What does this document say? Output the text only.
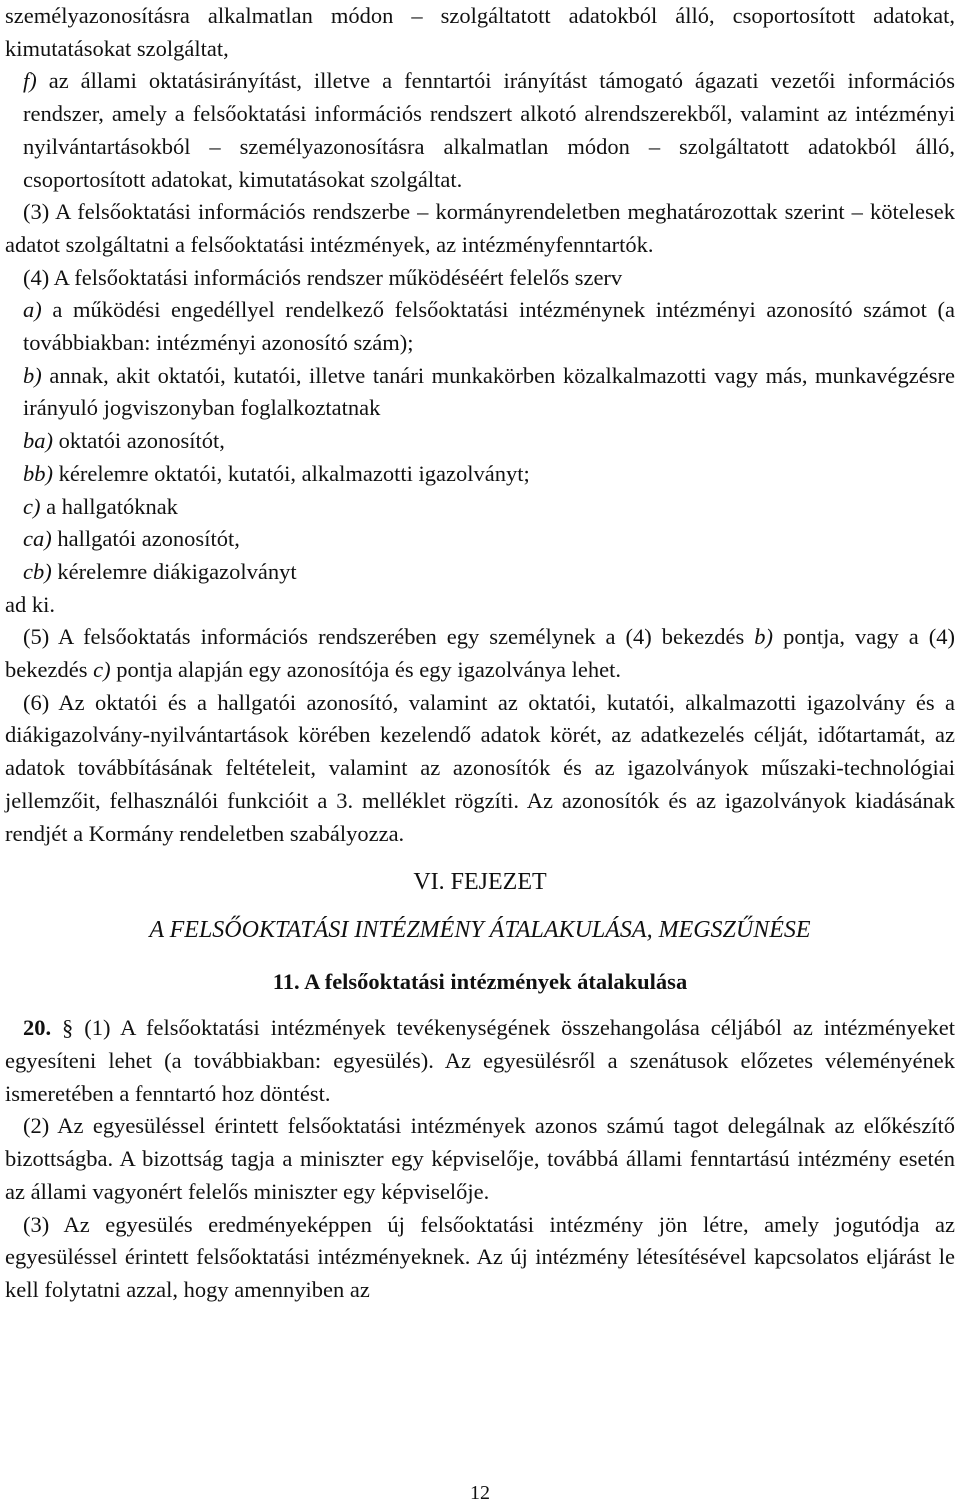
személyazonosításra alkalmatlan módon – szolgáltatott adatokból álló, csoportosított adatokat, kimutatásokat szolgáltat,

f) az állami oktatásirányítást, illetve a fenntartói irányítást támogató ágazati vezetői információs rendszer, amely a felsőoktatási információs rendszert alkotó alrendszerekből, valamint az intézményi nyilvántartásokból – személyazonosításra alkalmatlan módon – szolgáltatott adatokból álló, csoportosított adatokat, kimutatásokat szolgáltat.

(3) A felsőoktatási információs rendszerbe – kormányrendeletben meghatározottak szerint – kötelesek adatot szolgáltatni a felsőoktatási intézmények, az intézményfenntartók.

(4) A felsőoktatási információs rendszer működéséért felelős szerv

a) a működési engedéllyel rendelkező felsőoktatási intézménynek intézményi azonosító számot (a továbbiakban: intézményi azonosító szám);

b) annak, akit oktatói, kutatói, illetve tanári munkakörben közalkalmazotti vagy más, munkavégzésre irányuló jogviszonyban foglalkoztatnak

ba) oktatói azonosítót,

bb) kérelemre oktatói, kutatói, alkalmazotti igazolványt;

c) a hallgatóknak

ca) hallgatói azonosítót,

cb) kérelemre diákigazolványt

ad ki.

(5) A felsőoktatás információs rendszerében egy személynek a (4) bekezdés b) pontja, vagy a (4) bekezdés c) pontja alapján egy azonosítója és egy igazolványa lehet.

(6) Az oktatói és a hallgatói azonosító, valamint az oktatói, kutatói, alkalmazotti igazolvány és a diákigazolvány-nyilvántartások körében kezelendő adatok körét, az adatkezelés célját, időtartamát, az adatok továbbításának feltételeit, valamint az azonosítók és az igazolványok műszaki-technológiai jellemzőit, felhasználói funkcióit a 3. melléklet rögzíti. Az azonosítók és az igazolványok kiadásának rendjét a Kormány rendeletben szabályozza.

VI. FEJEZET

A FELSŐOKTATÁSI INTÉZMÉNY ÁTALAKULÁSA, MEGSZŰNÉSE

11. A felsőoktatási intézmények átalakulása

20. § (1) A felsőoktatási intézmények tevékenységének összehangolása céljából az intézményeket egyesíteni lehet (a továbbiakban: egyesülés). Az egyesülésről a szenátusok előzetes véleményének ismeretében a fenntartó hoz döntést.

(2) Az egyesüléssel érintett felsőoktatási intézmények azonos számú tagot delegálnak az előkészítő bizottságba. A bizottság tagja a miniszter egy képviselője, továbbá állami fenntartású intézmény esetén az állami vagyonért felelős miniszter egy képviselője.

(3) Az egyesülés eredményeképpen új felsőoktatási intézmény jön létre, amely jogutódja az egyesüléssel érintett felsőoktatási intézményeknek. Az új intézmény létesítésével kapcsolatos eljárást le kell folytatni azzal, hogy amennyiben az

12
